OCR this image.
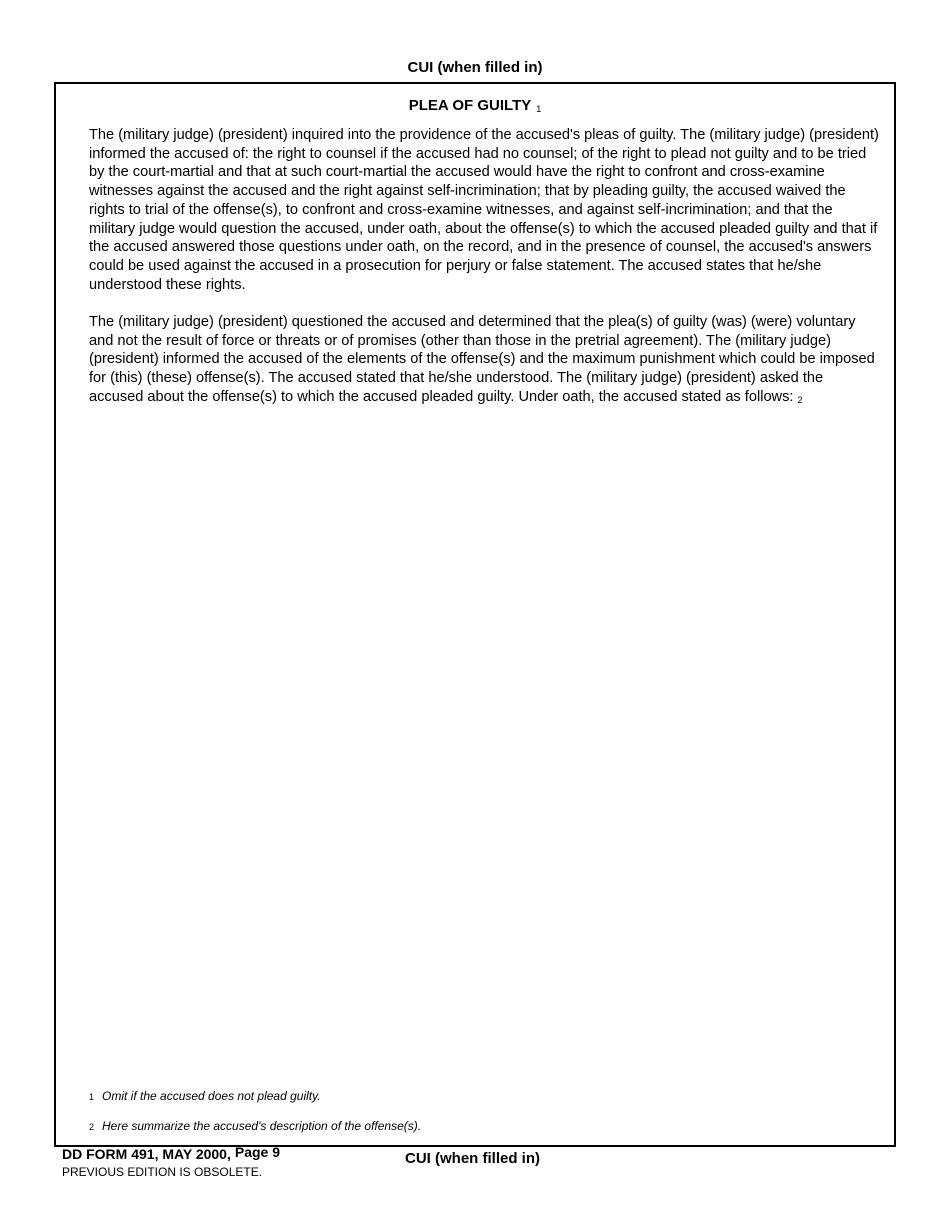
CUI (when filled in)
PLEA OF GUILTY 1

The (military judge) (president) inquired into the providence of the accused's pleas of guilty. The (military judge) (president) informed the accused of: the right to counsel if the accused had no counsel; of the right to plead not guilty and to be tried by the court-martial and that at such court-martial the accused would have the right to confront and cross-examine witnesses against the accused and the right against self-incrimination; that by pleading guilty, the accused waived the rights to trial of the offense(s), to confront and cross-examine witnesses, and against self-incrimination; and that the military judge would question the accused, under oath, about the offense(s) to which the accused pleaded guilty and that if the accused answered those questions under oath, on the record, and in the presence of counsel, the accused's answers could be used against the accused in a prosecution for perjury or false statement. The accused states that he/she understood these rights.

The (military judge) (president) questioned the accused and determined that the plea(s) of guilty (was) (were) voluntary and not the result of force or threats or of promises (other than those in the pretrial agreement). The (military judge) (president) informed the accused of the elements of the offense(s) and the maximum punishment which could be imposed for (this) (these) offense(s). The accused stated that he/she understood. The (military judge) (president) asked the accused about the offense(s) to which the accused pleaded guilty. Under oath, the accused stated as follows: 2

1 Omit if the accused does not plead guilty.
2 Here summarize the accused's description of the offense(s).
DD FORM 491, MAY 2000, Page 9
PREVIOUS EDITION IS OBSOLETE.
CUI (when filled in)
